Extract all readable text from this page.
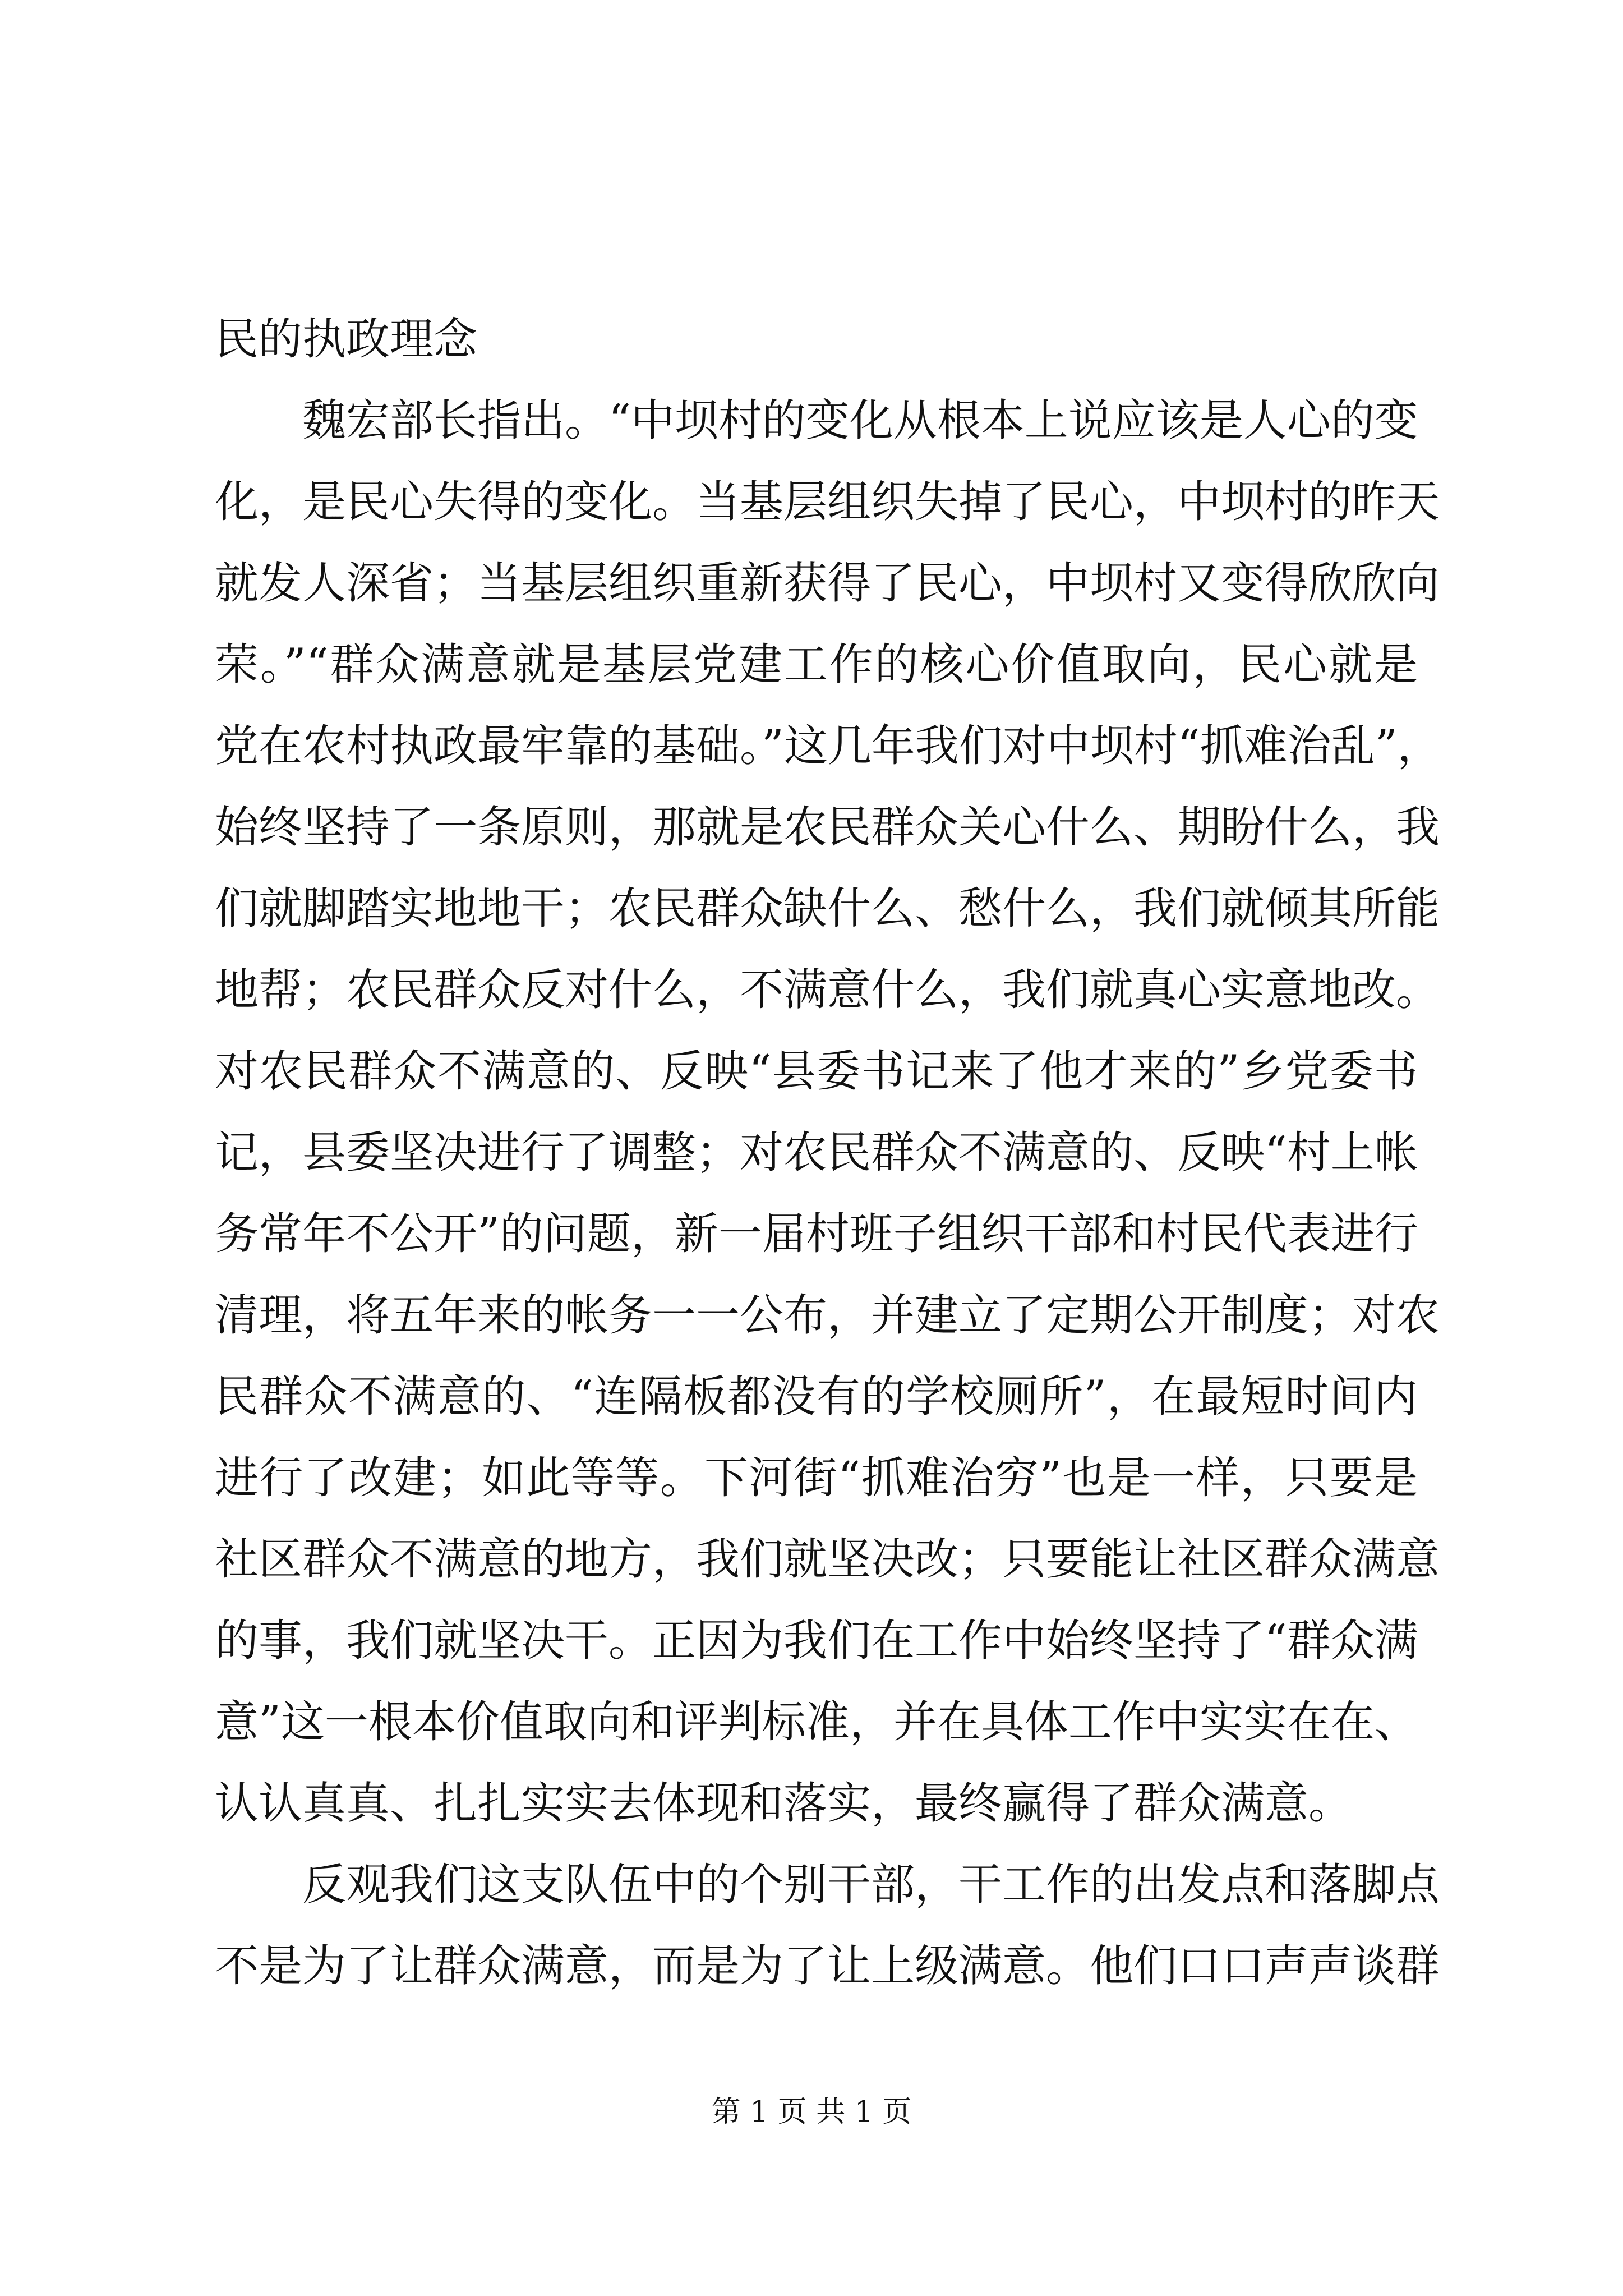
民的执政理念
魏宏部长指出。“中坝村的变化从根本上说应该是人心的变
化，是民心失得的变化。当基层组织失掉了民心，中坝村的昨天
就发人深省；当基层组织重新获得了民心，中坝村又变得欣欣向
荣。”“群众满意就是基层党建工作的核心价值取向，民心就是
党在农村执政最牢靠的基础。”这几年我们对中坝村“抓难治乱”，
始终坚持了一条原则，那就是农民群众关心什么、期盼什么，我
们就脚踏实地地干；农民群众缺什么、愁什么，我们就倾其所能
地帮；农民群众反对什么，不满意什么，我们就真心实意地改。
对农民群众不满意的、反映“县委书记来了他才来的”乡党委书
记，县委坚决进行了调整；对农民群众不满意的、反映“村上帐
务常年不公开”的问题，新一届村班子组织干部和村民代表进行
清理，将五年来的帐务一一公布，并建立了定期公开制度；对农
民群众不满意的、“连隔板都没有的学校厕所”，在最短时间内
进行了改建；如此等等。下河街“抓难治穷”也是一样，只要是
社区群众不满意的地方，我们就坚决改；只要能让社区群众满意
的事，我们就坚决干。正因为我们在工作中始终坚持了“群众满
意”这一根本价值取向和评判标准，并在具体工作中实实在在、
认认真真、扎扎实实去体现和落实，最终赢得了群众满意。
反观我们这支队伍中的个别干部，干工作的出发点和落脚点
不是为了让群众满意，而是为了让上级满意。他们口口声声谈群
第 1 页 共 1 页
